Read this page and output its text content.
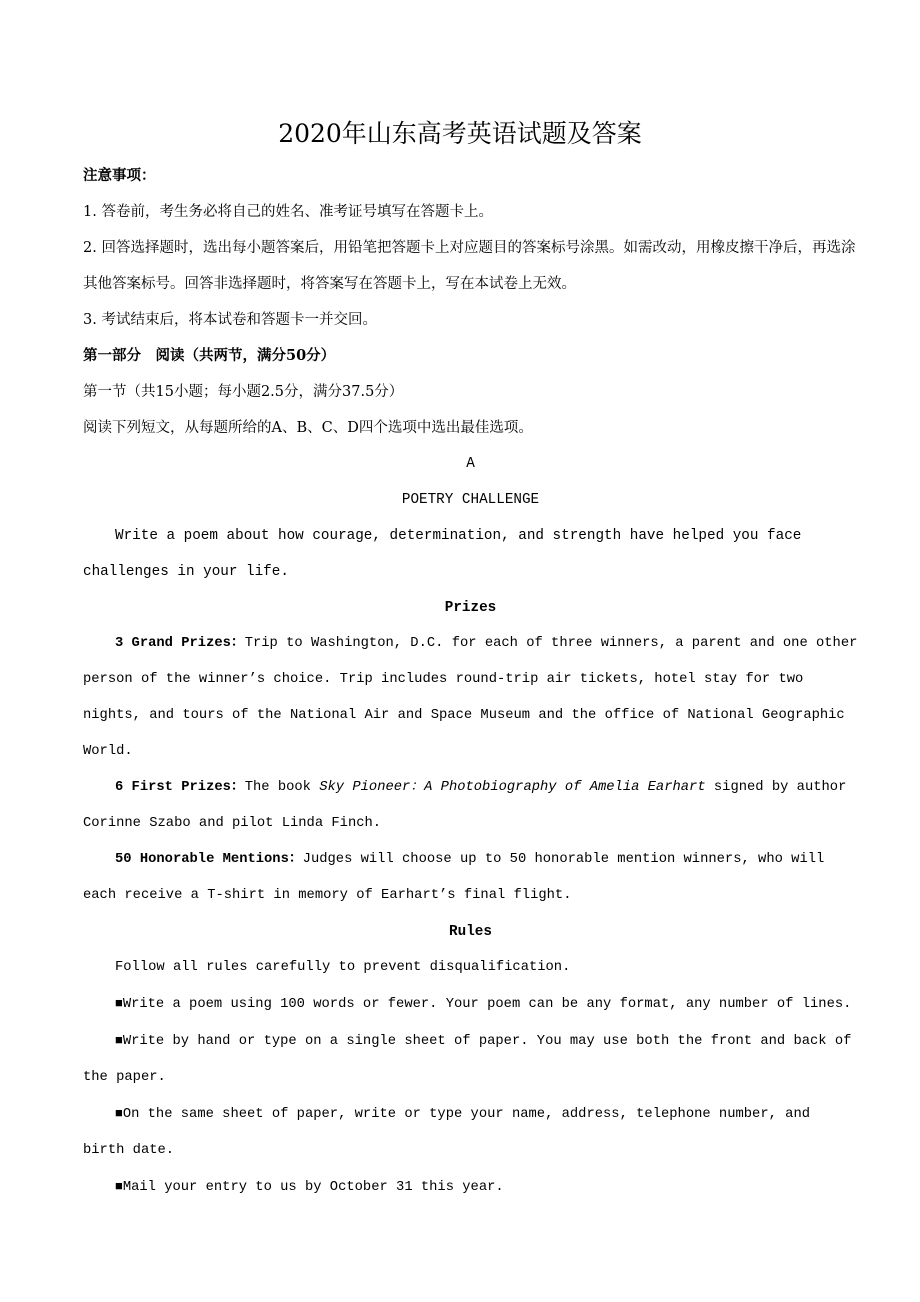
2020年山东高考英语试题及答案

注意事项：

1. 答卷前，考生务必将自己的姓名、准考证号填写在答题卡上。

2. 回答选择题时，选出每小题答案后，用铅笔把答题卡上对应题目的答案标号涂黑。如需改动，用橡皮擦干净后，再选涂其他答案标号。回答非选择题时，将答案写在答题卡上，写在本试卷上无效。

3. 考试结束后，将本试卷和答题卡一并交回。

第一部分　阅读（共两节，满分50分）

第一节（共15小题；每小题2.5分，满分37.5分）

阅读下列短文，从每题所给的A、B、C、D四个选项中选出最佳选项。

A

POETRY CHALLENGE

Write a poem about how courage, determination, and strength have helped you face challenges in your life.

Prizes

3 Grand Prizes：Trip to Washington, D.C. for each of three winners, a parent and one other person of the winner’s choice. Trip includes round-trip air tickets, hotel stay for two nights, and tours of the National Air and Space Museum and the office of National Geographic World.

6 First Prizes：The book Sky Pioneer：A Photobiography of Amelia Earhart signed by author Corinne Szabo and pilot Linda Finch.

50 Honorable Mentions：Judges will choose up to 50 honorable mention winners, who will each receive a T-shirt in memory of Earhart’s final flight.

Rules

Follow all rules carefully to prevent disqualification.

■Write a poem using 100 words or fewer. Your poem can be any format, any number of lines.

■Write by hand or type on a single sheet of paper. You may use both the front and back of the paper.

■On the same sheet of paper, write or type your name, address, telephone number, and birth date.

■Mail your entry to us by October 31 this year.
